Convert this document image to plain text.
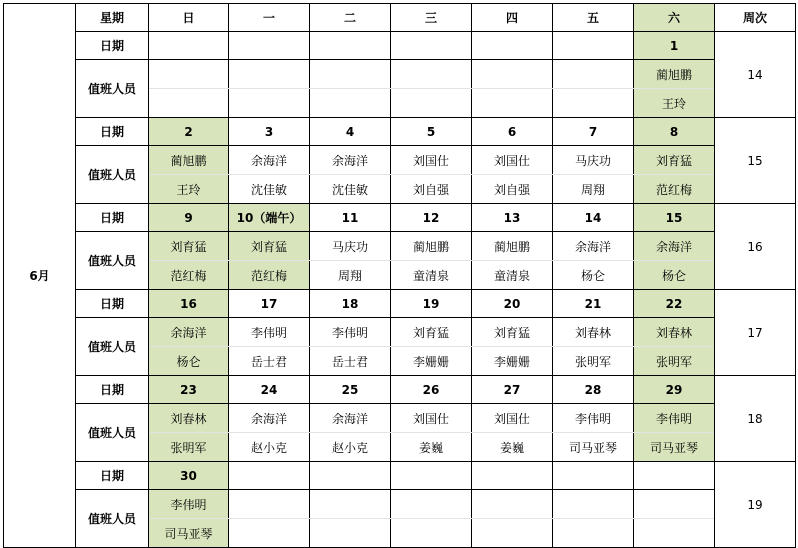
6月	星期	日	一	二	三	四	五	六	周次
	日期							1	14
	值班人员							蔺旭鹏	
								王玲	
	日期	2	3	4	5	6	7	8	15
	值班人员	蔺旭鹏	余海洋	余海洋	刘国仕	刘国仕	马庆功	刘育猛	
		王玲	沈佳敏	沈佳敏	刘自强	刘自强	周翔	范红梅	
	日期	9	10（端午）	11	12	13	14	15	16
	值班人员	刘育猛	刘育猛	马庆功	蔺旭鹏	蔺旭鹏	余海洋	余海洋	
		范红梅	范红梅	周翔	童清泉	童清泉	杨仑	杨仑	
	日期	16	17	18	19	20	21	22	17
	值班人员	余海洋	李伟明	李伟明	刘育猛	刘育猛	刘春林	刘春林	
		杨仑	岳士君	岳士君	李姗姗	李姗姗	张明军	张明军	
	日期	23	24	25	26	27	28	29	18
	值班人员	刘春林	余海洋	余海洋	刘国仕	刘国仕	李伟明	李伟明	
		张明军	赵小克	赵小克	姜巍	姜巍	司马亚琴	司马亚琴	
	日期	30							19
	值班人员	李伟明							
		司马亚琴							
